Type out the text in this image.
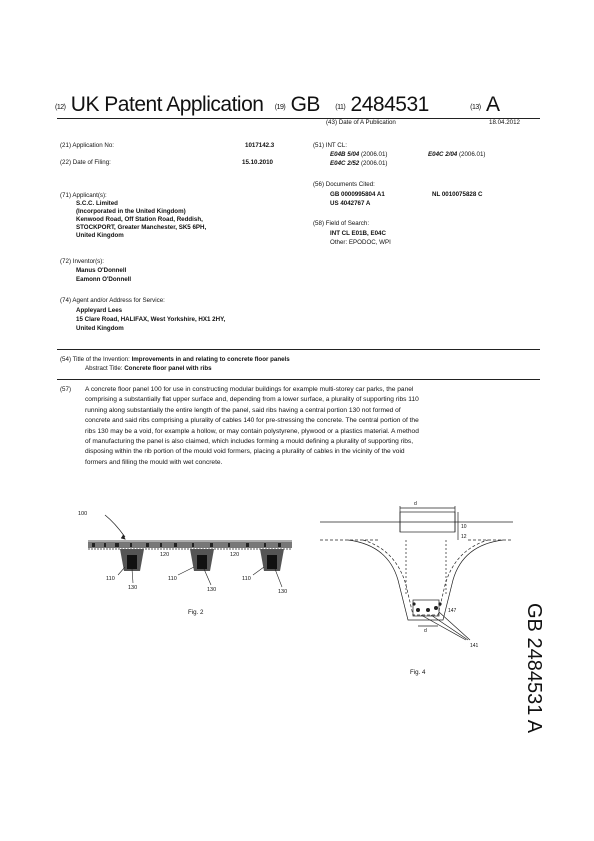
(12) UK Patent Application (19) GB (11) 2484531	(13) A
(43) Date of A Publication	18.04.2012
(21) Application No:	1017142.3
(22) Date of Filing:	15.10.2010
(71) Applicant(s):
S.C.C. Limited
(Incorporated in the United Kingdom)
Kenwood Road, Off Station Road, Reddish,
STOCKPORT, Greater Manchester, SK5 6PH,
United Kingdom
(72) Inventor(s):
Manus O'Donnell
Eamonn O'Donnell
(74) Agent and/or Address for Service:
Appleyard Lees
15 Clare Road, HALIFAX, West Yorkshire, HX1 2HY,
United Kingdom
(51) INT CL:
E04B 5/04 (2006.01)	E04C 2/04 (2006.01)
E04C 2/52 (2006.01)
(56) Documents Cited:
GB 0000995804 A1	NL 0010075828 C
US 4042767 A
(58) Field of Search:
INT CL E01B, E04C
Other: EPODOC, WPI
(54) Title of the Invention: Improvements in and relating to concrete floor panels
Abstract Title: Concrete floor panel with ribs
(57) A concrete floor panel 100 for use in constructing modular buildings for example multi-storey car parks, the panel
comprising a substantially flat upper surface and, depending from a lower surface, a plurality of supporting ribs 110
running along substantially the entire length of the panel, said ribs having a central portion 130 not formed of
concrete and said ribs comprising a plurality of cables 140 for pre-stressing the concrete. The central portion of the
ribs 130 may be a void, for example a hollow, or may contain polystyrene, plywood or a plastics material. A method
of manufacturing the panel is also claimed, which includes forming a mould defining a plurality of supporting ribs,
disposing within the rib portion of the mould void formers, placing a plurality of cables in the vicinity of the void
formers and filling the mould with wet concrete.
100
120	120
110
130
110
130
110
130
Fig. 2
d
10
12
d
147
141
Fig. 4	GB 2484531 A
